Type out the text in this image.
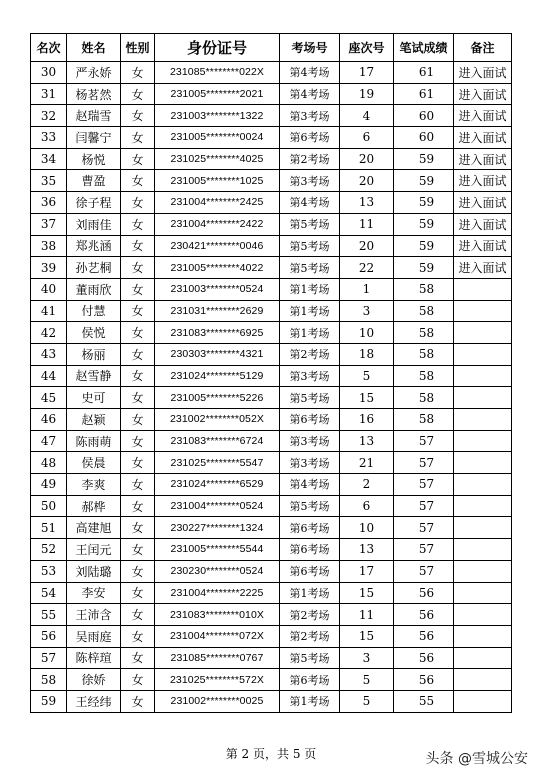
名次	姓名	性别	身份证号	考场号	座次号	笔试成绩	备注
30	严永娇	女	231085********022X	第4考场	17	61	进入面试
31	杨茗然	女	231005********2021	第4考场	19	61	进入面试
32	赵瑞雪	女	231003********1322	第3考场	4	60	进入面试
33	闫馨宁	女	231005********0024	第6考场	6	60	进入面试
34	杨悦	女	231025********4025	第2考场	20	59	进入面试
35	曹盈	女	231005********1025	第3考场	20	59	进入面试
36	徐子程	女	231004********2425	第4考场	13	59	进入面试
37	刘雨佳	女	231004********2422	第5考场	11	59	进入面试
38	郑兆涵	女	230421********0046	第5考场	20	59	进入面试
39	孙艺桐	女	231005********4022	第5考场	22	59	进入面试
40	董雨欣	女	231003********0524	第1考场	1	58	
41	付慧	女	231031********2629	第1考场	3	58	
42	侯悦	女	231083********6925	第1考场	10	58	
43	杨丽	女	230303********4321	第2考场	18	58	
44	赵雪静	女	231024********5129	第3考场	5	58	
45	史可	女	231005********5226	第5考场	15	58	
46	赵颖	女	231002********052X	第6考场	16	58	
47	陈雨萌	女	231083********6724	第3考场	13	57	
48	侯晨	女	231025********5547	第3考场	21	57	
49	李爽	女	231024********6529	第4考场	2	57	
50	郝桦	女	231004********0524	第5考场	6	57	
51	高建旭	女	230227********1324	第6考场	10	57	
52	王闰元	女	231005********5544	第6考场	13	57	
53	刘陆璐	女	230230********0524	第6考场	17	57	
54	李安	女	231004********2225	第1考场	15	56	
55	王沛含	女	231083********010X	第2考场	11	56	
56	吴雨庭	女	231004********072X	第2考场	15	56	
57	陈梓瑄	女	231085********0767	第5考场	3	56	
58	徐娇	女	231025********572X	第6考场	5	56	
59	王经纬	女	231002********0025	第1考场	5	55	
第 2 页，共 5 页	头条 @雪城公安
